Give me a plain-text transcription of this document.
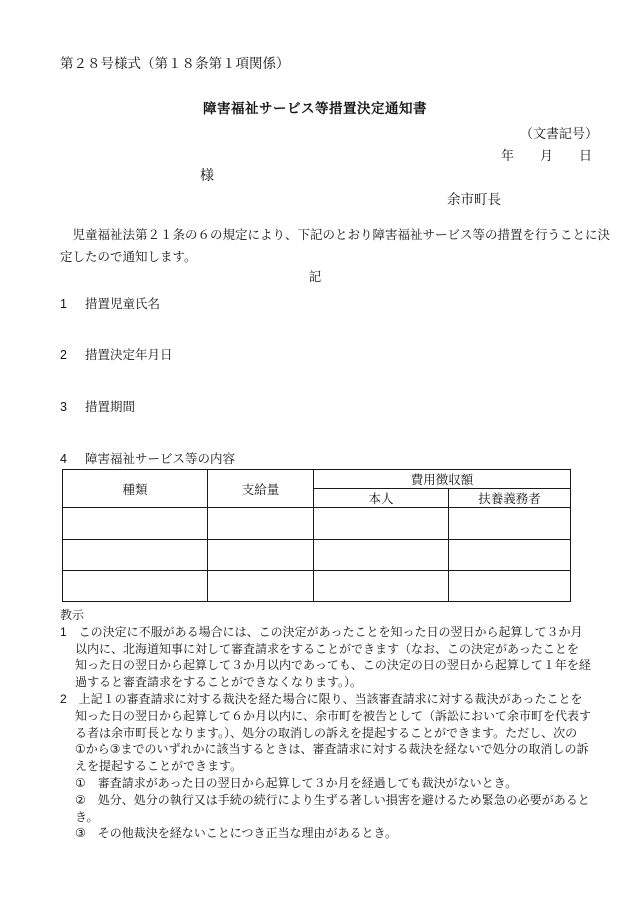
第２８号様式（第１８条第１項関係）
障害福祉サービス等措置決定通知書
（文書記号）
年　　月　　日
様
余市町長
　児童福祉法第２１条の６の規定により、下記のとおり障害福祉サービス等の措置を行うことに決
定したので通知します。
記
1	措置児童氏名
2	措置決定年月日
3	措置期間
4	障害福祉サービス等の内容
種類	支給量	費用徴収額	
		本人	扶養義務者

教示
1　この決定に不服がある場合には、この決定があったことを知った日の翌日から起算して３か月
以内に、北海道知事に対して審査請求をすることができます（なお、この決定があったことを
知った日の翌日から起算して３か月以内であっても、この決定の日の翌日から起算して１年を経
過すると審査請求をすることができなくなります。）。
2　上記１の審査請求に対する裁決を経た場合に限り、当該審査請求に対する裁決があったことを
知った日の翌日から起算して６か月以内に、余市町を被告として（訴訟において余市町を代表す
る者は余市町長となります。）、処分の取消しの訴えを提起することができます。ただし、次の
①から③までのいずれかに該当するときは、審査請求に対する裁決を経ないで処分の取消しの訴
えを提起することができます。
①　審査請求があった日の翌日から起算して３か月を経過しても裁決がないとき。
②　処分、処分の執行又は手続の続行により生ずる著しい損害を避けるため緊急の必要があると
き。
③　その他裁決を経ないことにつき正当な理由があるとき。
